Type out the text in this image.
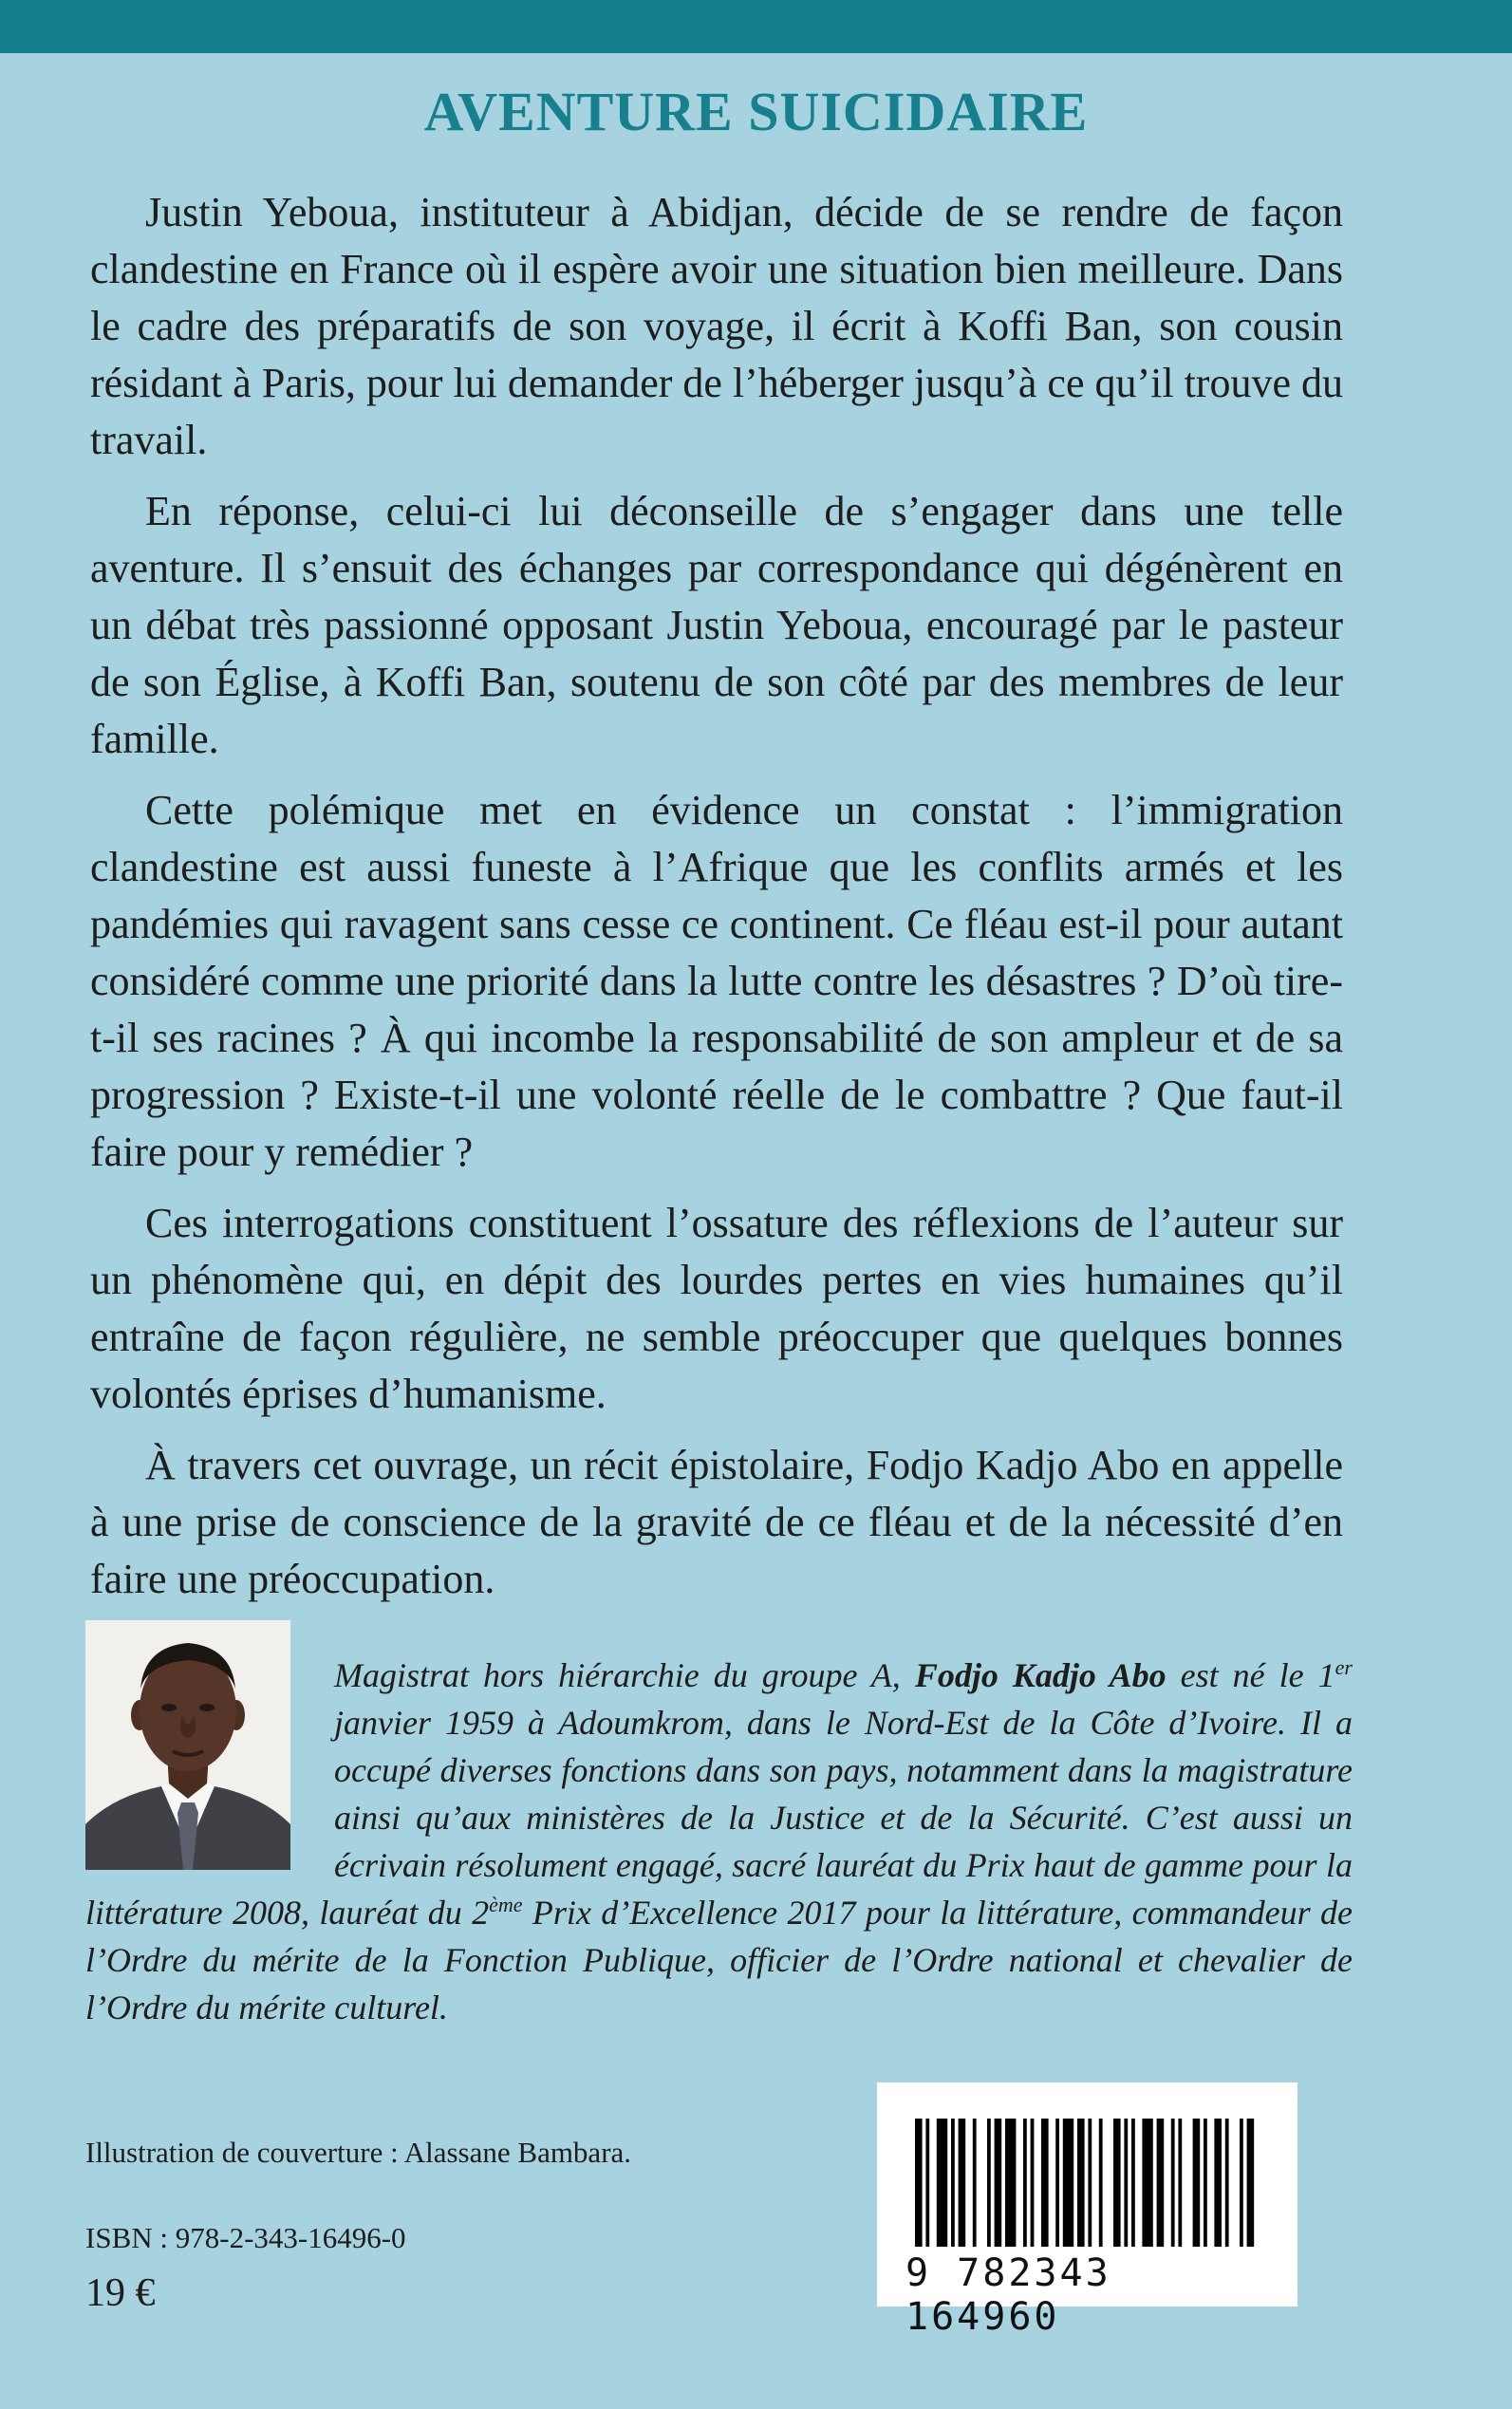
AVENTURE SUICIDAIRE

Justin Yeboua, instituteur à Abidjan, décide de se rendre de façon clandestine en France où il espère avoir une situation bien meilleure. Dans le cadre des préparatifs de son voyage, il écrit à Koffi Ban, son cousin résidant à Paris, pour lui demander de l’héberger jusqu’à ce qu’il trouve du travail.

En réponse, celui-ci lui déconseille de s’engager dans une telle aventure. Il s’ensuit des échanges par correspondance qui dégénèrent en un débat très passionné opposant Justin Yeboua, encouragé par le pasteur de son Église, à Koffi Ban, soutenu de son côté par des membres de leur famille.

Cette polémique met en évidence un constat : l’immigration clandestine est aussi funeste à l’Afrique que les conflits armés et les pandémies qui ravagent sans cesse ce continent. Ce fléau est-il pour autant considéré comme une priorité dans la lutte contre les désastres ? D’où tire-t-il ses racines ? À qui incombe la responsabilité de son ampleur et de sa progression ? Existe-t-il une volonté réelle de le combattre ? Que faut-il faire pour y remédier ?

Ces interrogations constituent l’ossature des réflexions de l’auteur sur un phénomène qui, en dépit des lourdes pertes en vies humaines qu’il entraîne de façon régulière, ne semble préoccuper que quelques bonnes volontés éprises d’humanisme.

À travers cet ouvrage, un récit épistolaire, Fodjo Kadjo Abo en appelle à une prise de conscience de la gravité de ce fléau et de la nécessité d’en faire une préoccupation.

Magistrat hors hiérarchie du groupe A, Fodjo Kadjo Abo est né le 1er janvier 1959 à Adoumkrom, dans le Nord-Est de la Côte d’Ivoire. Il a occupé diverses fonctions dans son pays, notamment dans la magistrature ainsi qu’aux ministères de la Justice et de la Sécurité. C’est aussi un écrivain résolument engagé, sacré lauréat du Prix haut de gamme pour la littérature 2008, lauréat du 2ème Prix d’Excellence 2017 pour la littérature, commandeur de l’Ordre du mérite de la Fonction Publique, officier de l’Ordre national et chevalier de l’Ordre du mérite culturel.
Illustration de couverture : Alassane Bambara.
ISBN : 978-2-343-16496-0
19 €	9 782343 164960
